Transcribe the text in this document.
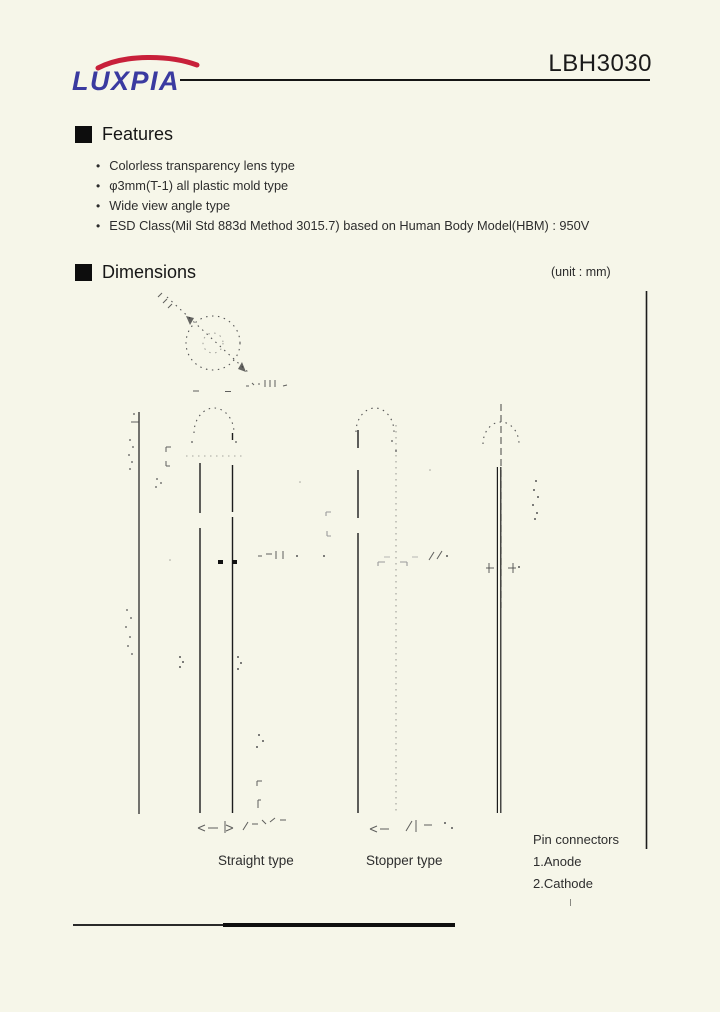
LUXPIA
LBH3030
Features
• Colorless transparency lens type
• φ3mm(T-1) all plastic mold type
• Wide view angle type
• ESD Class(Mil Std 883d Method 3015.7) based on Human Body Model(HBM) : 950V
Dimensions	(unit : mm)
Straight type	Stopper type
Pin connectors
1.Anode
2.Cathode
